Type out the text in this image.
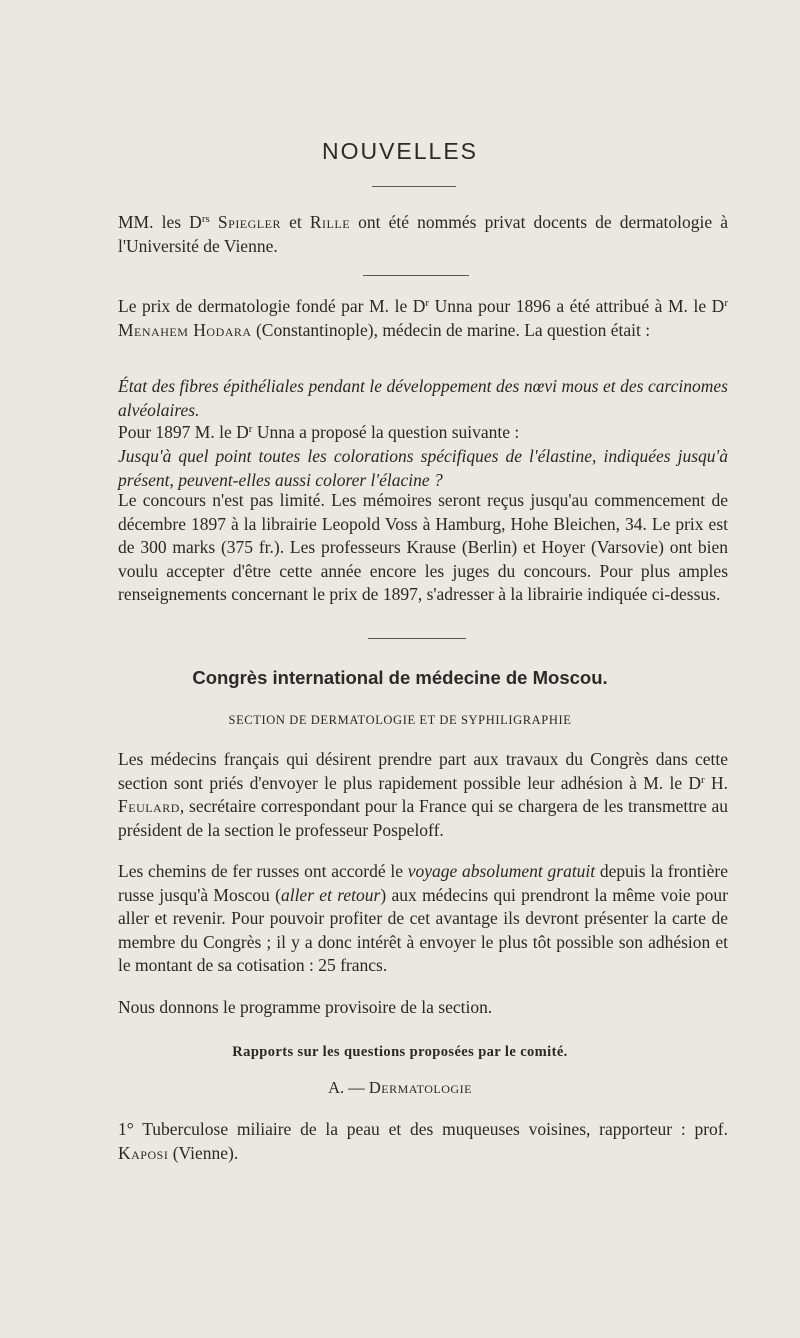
NOUVELLES
MM. les $D^{rs}$ Spiegler et Rille ont été nommés privat docents de dermatologie à l'Université de Vienne.
Le prix de dermatologie fondé par M. le $D^r$ Unna pour 1896 a été attribué à M. le $D^r$ Menahem Hodara (Constantinople), médecin de marine. La question était :
État des fibres épithéliales pendant le développement des nœvi mous et des carcinomes alvéolaires.
Pour 1897 M. le $D^r$ Unna a proposé la question suivante :
Jusqu'à quel point toutes les colorations spécifiques de l'élastine, indiquées jusqu'à présent, peuvent-elles aussi colorer l'élacine ?
Le concours n'est pas limité. Les mémoires seront reçus jusqu'au commencement de décembre 1897 à la librairie Leopold Voss à Hamburg, Hohe Bleichen, 34. Le prix est de 300 marks (375 fr.). Les professeurs Krause (Berlin) et Hoyer (Varsovie) ont bien voulu accepter d'être cette année encore les juges du concours. Pour plus amples renseignements concernant le prix de 1897, s'adresser à la librairie indiquée ci-dessus.
Congrès international de médecine de Moscou.
SECTION DE DERMATOLOGIE ET DE SYPHILIGRAPHIE
Les médecins français qui désirent prendre part aux travaux du Congrès dans cette section sont priés d'envoyer le plus rapidement possible leur adhésion à M. le $D^r$ H. Feulard, secrétaire correspondant pour la France qui se chargera de les transmettre au président de la section le professeur Pospeloff.
Les chemins de fer russes ont accordé le voyage absolument gratuit depuis la frontière russe jusqu'à Moscou (aller et retour) aux médecins qui prendront la même voie pour aller et revenir. Pour pouvoir profiter de cet avantage ils devront présenter la carte de membre du Congrès ; il y a donc intérêt à envoyer le plus tôt possible son adhésion et le montant de sa cotisation : 25 francs.
Nous donnons le programme provisoire de la section.
Rapports sur les questions proposées par le comité.
A. — Dermatologie
1° Tuberculose miliaire de la peau et des muqueuses voisines, rapporteur : prof. Kaposi (Vienne).
